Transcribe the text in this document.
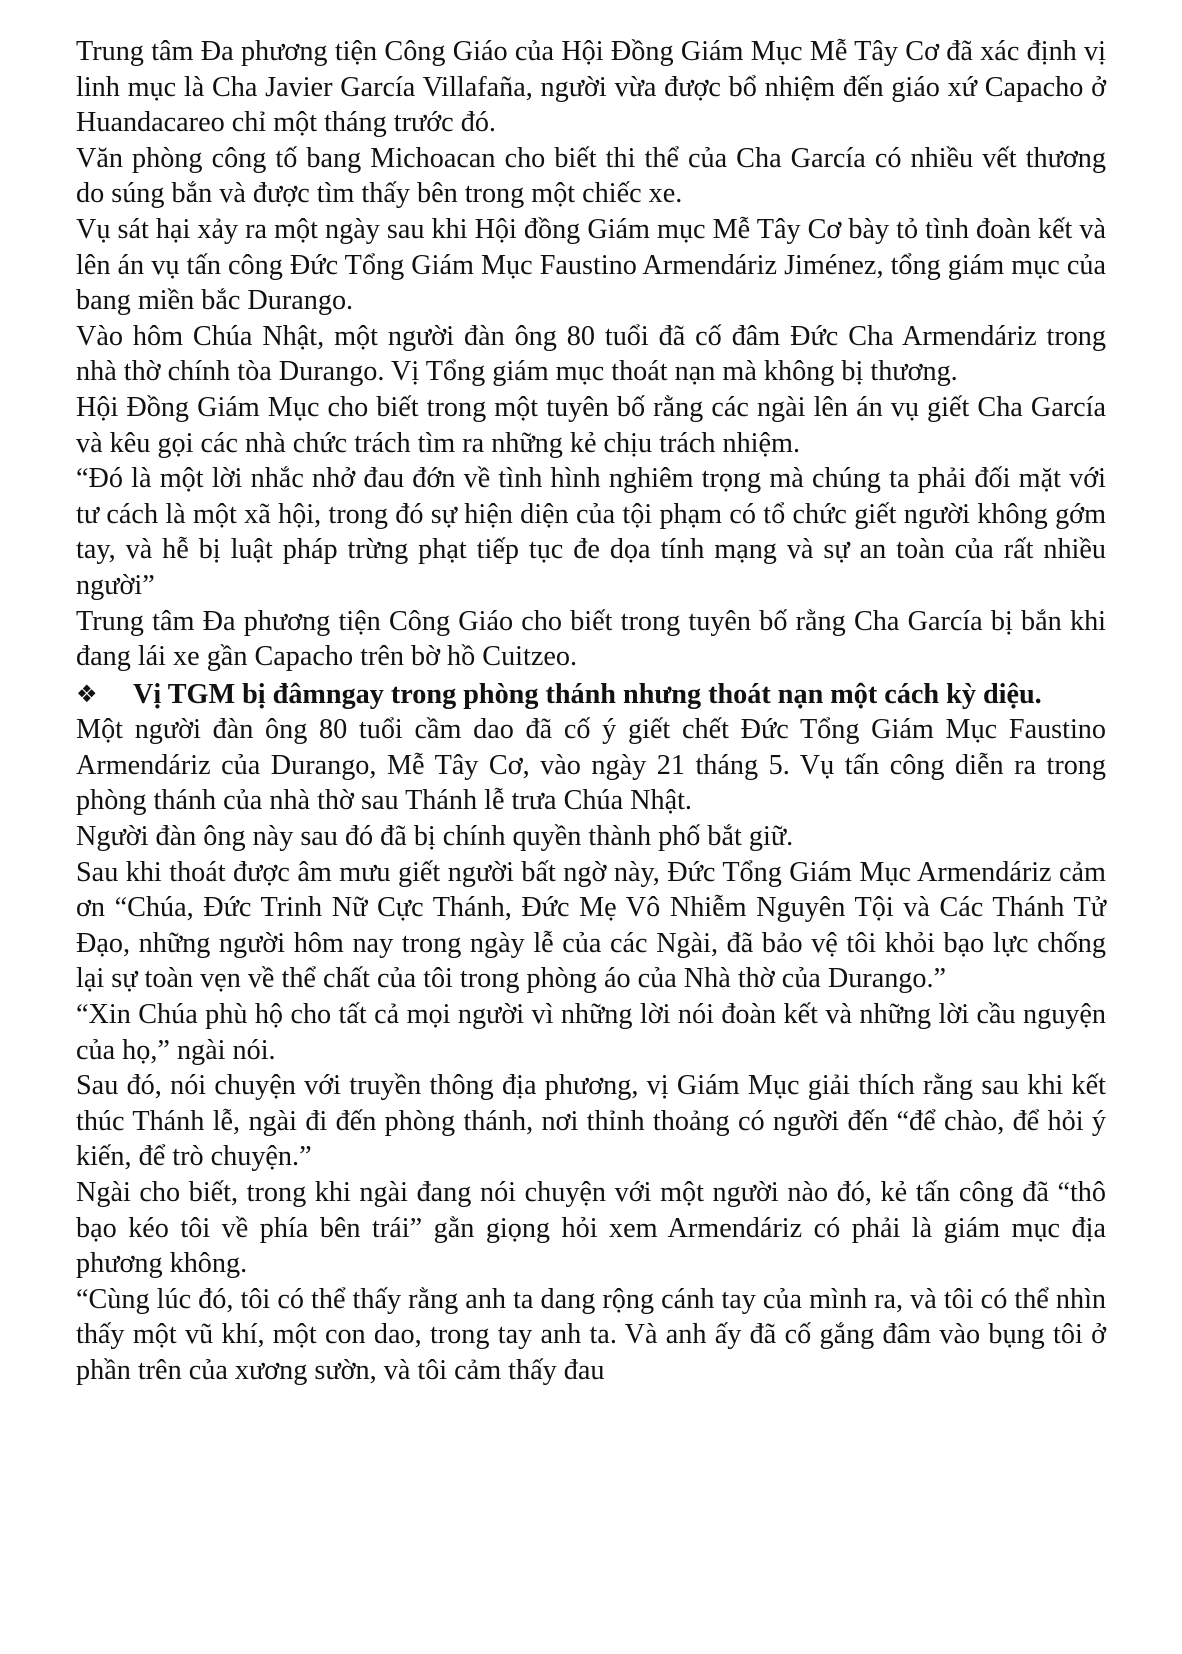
Trung tâm Đa phương tiện Công Giáo của Hội Đồng Giám Mục Mễ Tây Cơ đã xác định vị linh mục là Cha Javier García Villafaña, người vừa được bổ nhiệm đến giáo xứ Capacho ở Huandacareo chỉ một tháng trước đó.

Văn phòng công tố bang Michoacan cho biết thi thể của Cha García có nhiều vết thương do súng bắn và được tìm thấy bên trong một chiếc xe.

Vụ sát hại xảy ra một ngày sau khi Hội đồng Giám mục Mễ Tây Cơ bày tỏ tình đoàn kết và lên án vụ tấn công Đức Tổng Giám Mục Faustino Armendáriz Jiménez, tổng giám mục của bang miền bắc Durango.

Vào hôm Chúa Nhật, một người đàn ông 80 tuổi đã cố đâm Đức Cha Armendáriz trong nhà thờ chính tòa Durango. Vị Tổng giám mục thoát nạn mà không bị thương.

Hội Đồng Giám Mục cho biết trong một tuyên bố rằng các ngài lên án vụ giết Cha García và kêu gọi các nhà chức trách tìm ra những kẻ chịu trách nhiệm.

“Đó là một lời nhắc nhở đau đớn về tình hình nghiêm trọng mà chúng ta phải đối mặt với tư cách là một xã hội, trong đó sự hiện diện của tội phạm có tổ chức giết người không gớm tay, và hễ bị luật pháp trừng phạt tiếp tục đe dọa tính mạng và sự an toàn của rất nhiều người”

Trung tâm Đa phương tiện Công Giáo cho biết trong tuyên bố rằng Cha García bị bắn khi đang lái xe gần Capacho trên bờ hồ Cuitzeo.

❖ Vị TGM bị đâmngay trong phòng thánh nhưng thoát nạn một cách kỳ diệu.

Một người đàn ông 80 tuổi cầm dao đã cố ý giết chết Đức Tổng Giám Mục Faustino Armendáriz của Durango, Mễ Tây Cơ, vào ngày 21 tháng 5. Vụ tấn công diễn ra trong phòng thánh của nhà thờ sau Thánh lễ trưa Chúa Nhật.

Người đàn ông này sau đó đã bị chính quyền thành phố bắt giữ.

Sau khi thoát được âm mưu giết người bất ngờ này, Đức Tổng Giám Mục Armendáriz cảm ơn “Chúa, Đức Trinh Nữ Cực Thánh, Đức Mẹ Vô Nhiễm Nguyên Tội và Các Thánh Tử Đạo, những người hôm nay trong ngày lễ của các Ngài, đã bảo vệ tôi khỏi bạo lực chống lại sự toàn vẹn về thể chất của tôi trong phòng áo của Nhà thờ của Durango.”

“Xin Chúa phù hộ cho tất cả mọi người vì những lời nói đoàn kết và những lời cầu nguyện của họ,” ngài nói.

Sau đó, nói chuyện với truyền thông địa phương, vị Giám Mục giải thích rằng sau khi kết thúc Thánh lễ, ngài đi đến phòng thánh, nơi thỉnh thoảng có người đến “để chào, để hỏi ý kiến, để trò chuyện.”

Ngài cho biết, trong khi ngài đang nói chuyện với một người nào đó, kẻ tấn công đã “thô bạo kéo tôi về phía bên trái” gằn giọng hỏi xem Armendáriz có phải là giám mục địa phương không.

“Cùng lúc đó, tôi có thể thấy rằng anh ta dang rộng cánh tay của mình ra, và tôi có thể nhìn thấy một vũ khí, một con dao, trong tay anh ta. Và anh ấy đã cố gắng đâm vào bụng tôi ở phần trên của xương sườn, và tôi cảm thấy đau
